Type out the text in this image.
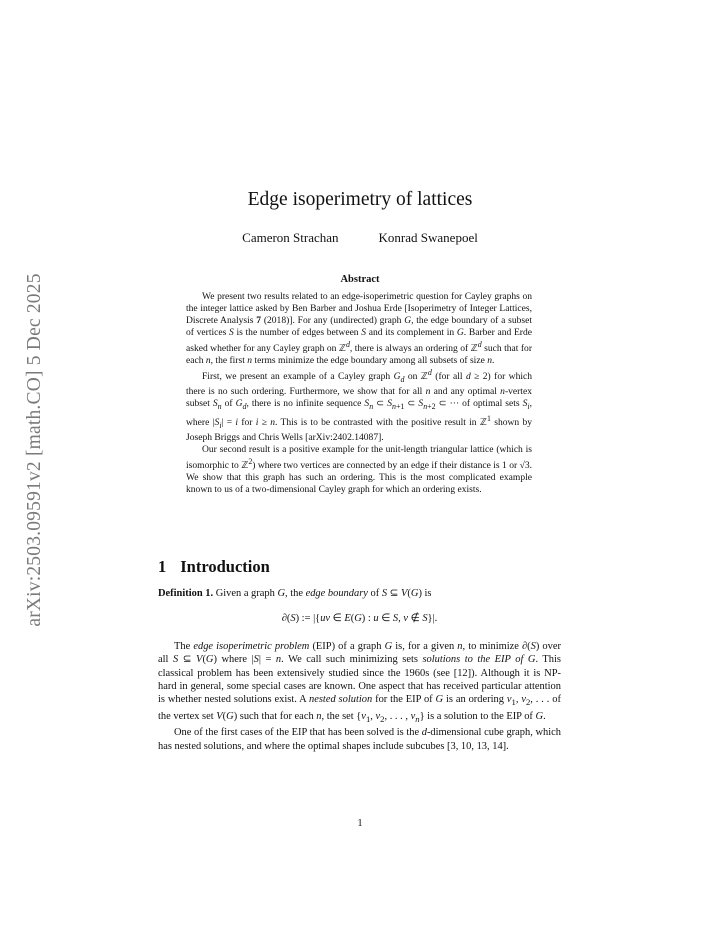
arXiv:2503.09591v2 [math.CO] 5 Dec 2025
Edge isoperimetry of lattices
Cameron Strachan	Konrad Swanepoel
Abstract

We present two results related to an edge-isoperimetric question for Cayley graphs on the integer lattice asked by Ben Barber and Joshua Erde [Isoperimetry of Integer Lattices, Discrete Analysis 7 (2018)]. For any (undirected) graph G, the edge boundary of a subset of vertices S is the number of edges between S and its complement in G. Barber and Erde asked whether for any Cayley graph on ℤ$^d$, there is always an ordering of ℤ$^d$ such that for each n, the first n terms minimize the edge boundary among all subsets of size n.

First, we present an example of a Cayley graph $G_d$ on ℤ$^d$ (for all d ≥ 2) for which there is no such ordering. Furthermore, we show that for all n and any optimal n-vertex subset $S_n$ of $G_d$, there is no infinite sequence $S_n$ ⊂ $S_{n+1}$ ⊂ $S_{n+2}$ ⊂ ··· of optimal sets $S_i$, where $|S_i| = i$ for i ≥ n. This is to be contrasted with the positive result in ℤ$^1$ shown by Joseph Briggs and Chris Wells [arXiv:2402.14087].

Our second result is a positive example for the unit-length triangular lattice (which is isomorphic to ℤ$^2$) where two vertices are connected by an edge if their distance is 1 or √3. We show that this graph has such an ordering. This is the most complicated example known to us of a two-dimensional Cayley graph for which an ordering exists.

1 Introduction

Definition 1. Given a graph G, the edge boundary of S ⊆ V(G) is

∂(S) := |{uv ∈ E(G) : u ∈ S, v ∉ S}|.

The edge isoperimetric problem (EIP) of a graph G is, for a given n, to minimize ∂(S) over all S ⊆ V(G) where |S| = n. We call such minimizing sets solutions to the EIP of G. This classical problem has been extensively studied since the 1960s (see [12]). Although it is NP-hard in general, some special cases are known. One aspect that has received particular attention is whether nested solutions exist. A nested solution for the EIP of G is an ordering $v_1$, $v_2$, . . . of the vertex set V(G) such that for each n, the set {$v_1$, $v_2$, . . . , $v_n$} is a solution to the EIP of G.

One of the first cases of the EIP that has been solved is the d-dimensional cube graph, which has nested solutions, and where the optimal shapes include subcubes [3, 10, 13, 14].

1
